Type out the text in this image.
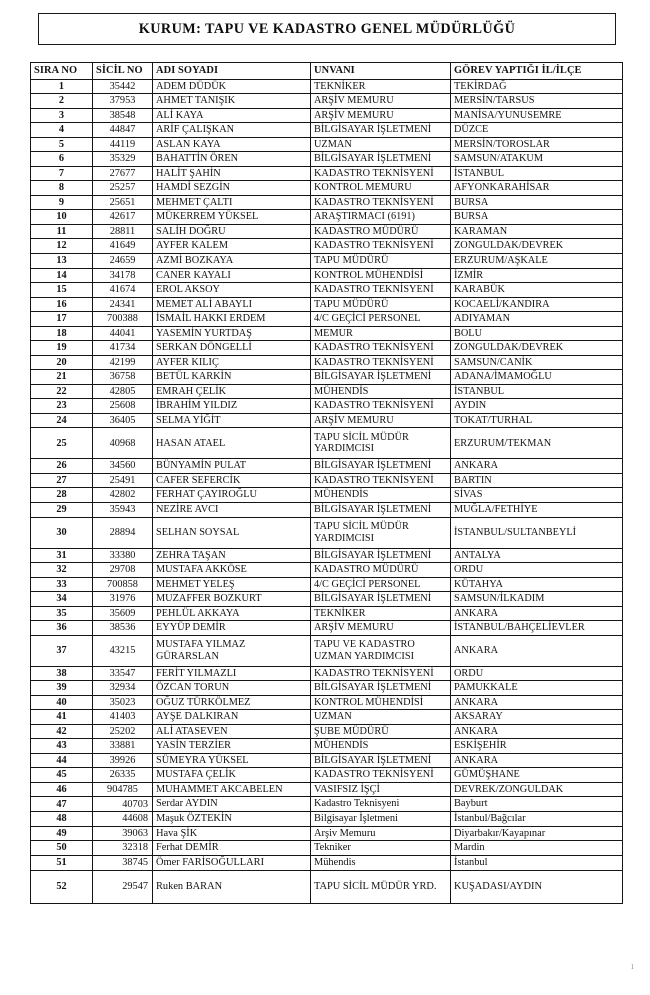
KURUM: TAPU VE KADASTRO GENEL MÜDÜRLÜĞÜ
SIRA NO	SİCİL NO	ADI SOYADI	UNVANI	GÖREV YAPTIĞI İL/İLÇE
1	35442	ADEM DÜDÜK	TEKNİKER	TEKİRDAĞ
2	37953	AHMET TANIŞIK	ARŞİV MEMURU	MERSİN/TARSUS
3	38548	ALİ KAYA	ARŞİV MEMURU	MANİSA/YUNUSEMRE
4	44847	ARİF ÇALIŞKAN	BİLGİSAYAR İŞLETMENİ	DÜZCE
5	44119	ASLAN KAYA	UZMAN	MERSİN/TOROSLAR
6	35329	BAHATTİN ÖREN	BİLGİSAYAR İŞLETMENİ	SAMSUN/ATAKUM
7	27677	HALİT ŞAHİN	KADASTRO TEKNİSYENİ	İSTANBUL
8	25257	HAMDİ SEZGİN	KONTROL MEMURU	AFYONKARAHİSAR
9	25651	MEHMET ÇALTI	KADASTRO TEKNİSYENİ	BURSA
10	42617	MÜKERREM YÜKSEL	ARAŞTIRMACI (6191)	BURSA
11	28811	SALİH DOĞRU	KADASTRO MÜDÜRÜ	KARAMAN
12	41649	AYFER KALEM	KADASTRO TEKNİSYENİ	ZONGULDAK/DEVREK
13	24659	AZMİ BOZKAYA	TAPU MÜDÜRÜ	ERZURUM/AŞKALE
14	34178	CANER KAYALI	KONTROL MÜHENDİSİ	İZMİR
15	41674	EROL AKSOY	KADASTRO TEKNİSYENİ	KARABÜK
16	24341	MEMET ALİ ABAYLI	TAPU MÜDÜRÜ	KOCAELİ/KANDIRA
17	700388	İSMAİL HAKKI ERDEM	4/C GEÇİCİ PERSONEL	ADIYAMAN
18	44041	YASEMİN YURTDAŞ	MEMUR	BOLU
19	41734	SERKAN DÖNGELLİ	KADASTRO TEKNİSYENİ	ZONGULDAK/DEVREK
20	42199	AYFER KILIÇ	KADASTRO TEKNİSYENİ	SAMSUN/CANİK
21	36758	BETÜL KARKİN	BİLGİSAYAR İŞLETMENİ	ADANA/İMAMOĞLU
22	42805	EMRAH ÇELİK	MÜHENDİS	İSTANBUL
23	25608	İBRAHİM YILDIZ	KADASTRO TEKNİSYENİ	AYDIN
24	36405	SELMA YİĞİT	ARŞİV MEMURU	TOKAT/TURHAL
25	40968	HASAN ATAEL	TAPU SİCİL MÜDÜR YARDIMCISI	ERZURUM/TEKMAN
26	34560	BÜNYAMİN PULAT	BİLGİSAYAR İŞLETMENİ	ANKARA
27	25491	CAFER SEFERCİK	KADASTRO TEKNİSYENİ	BARTIN
28	42802	FERHAT ÇAYIROĞLU	MÜHENDİS	SİVAS
29	35943	NEZİRE AVCI	BİLGİSAYAR İŞLETMENİ	MUĞLA/FETHİYE
30	28894	SELHAN SOYSAL	TAPU SİCİL MÜDÜR YARDIMCISI	İSTANBUL/SULTANBEYLİ
31	33380	ZEHRA TAŞAN	BİLGİSAYAR İŞLETMENİ	ANTALYA
32	29708	MUSTAFA AKKÖSE	KADASTRO MÜDÜRÜ	ORDU
33	700858	MEHMET YELEŞ	4/C GEÇİCİ PERSONEL	KÜTAHYA
34	31976	MUZAFFER BOZKURT	BİLGİSAYAR İŞLETMENİ	SAMSUN/İLKADIM
35	35609	PEHLÜL AKKAYA	TEKNİKER	ANKARA
36	38536	EYYÜP DEMİR	ARŞİV MEMURU	İSTANBUL/BAHÇELİEVLER
37	43215	MUSTAFA YILMAZ GÜRARSLAN	TAPU VE KADASTRO UZMAN YARDIMCISI	ANKARA
38	33547	FERİT YILMAZLI	KADASTRO TEKNİSYENİ	ORDU
39	32934	ÖZCAN TORUN	BİLGİSAYAR İŞLETMENİ	PAMUKKALE
40	35023	OĞUZ TÜRKÖLMEZ	KONTROL MÜHENDİSİ	ANKARA
41	41403	AYŞE DALKIRAN	UZMAN	AKSARAY
42	25202	ALİ ATASEVEN	ŞUBE MÜDÜRÜ	ANKARA
43	33881	YASİN TERZİER	MÜHENDİS	ESKİŞEHİR
44	39926	SÜMEYRA YÜKSEL	BİLGİSAYAR İŞLETMENİ	ANKARA
45	26335	MUSTAFA ÇELİK	KADASTRO TEKNİSYENİ	GÜMÜŞHANE
46	904785	MUHAMMET AKCABELEN	VASIFSIZ İŞÇİ	DEVREK/ZONGULDAK
47	40703	Serdar AYDIN	Kadastro Teknisyeni	Bayburt
48	44608	Maşuk ÖZTEKİN	Bilgisayar İşletmeni	İstanbul/Bağcılar
49	39063	Hava ŞİK	Arşiv Memuru	Diyarbakır/Kayapınar
50	32318	Ferhat DEMİR	Tekniker	Mardin
51	38745	Ömer FARİSOĞULLARI	Mühendis	İstanbul
52	29547	Ruken BARAN	TAPU SİCİL MÜDÜR YRD.	KUŞADASI/AYDIN
1
